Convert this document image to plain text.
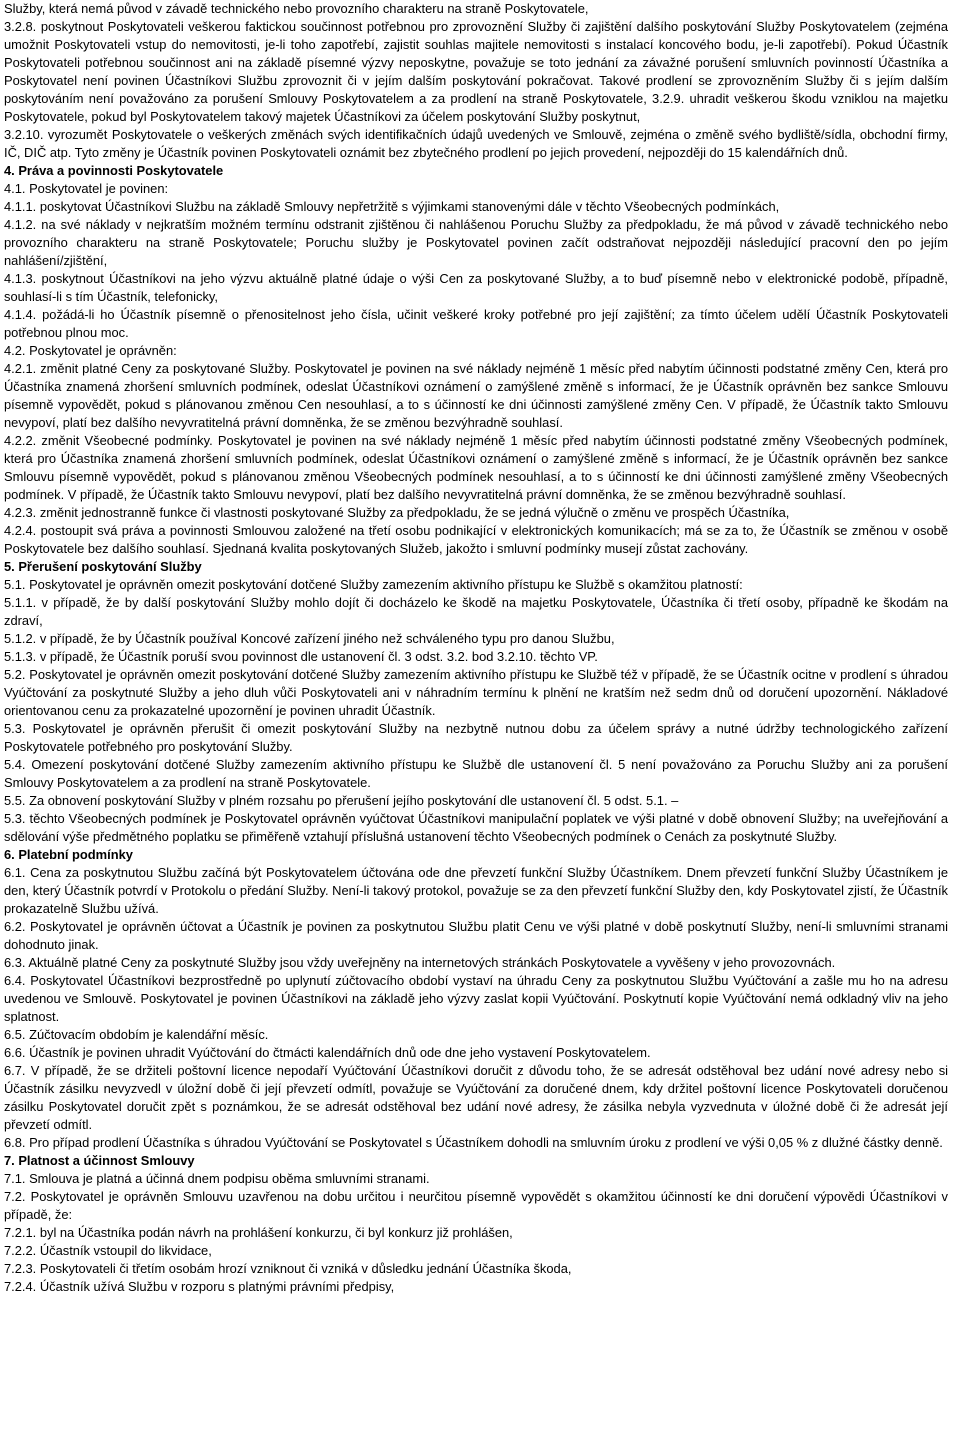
Služby, která nemá původ v závadě technického nebo provozního charakteru na straně Poskytovatele,

3.2.8. poskytnout Poskytovateli veškerou faktickou součinnost potřebnou pro zprovoznění Služby či zajištění dalšího poskytování Služby Poskytovatelem (zejména umožnit Poskytovateli vstup do nemovitosti, je-li toho zapotřebí, zajistit souhlas majitele nemovitosti s instalací koncového bodu, je-li zapotřebí). Pokud Účastník Poskytovateli potřebnou součinnost ani na základě písemné výzvy neposkytne, považuje se toto jednání za závažné porušení smluvních povinností Účastníka a Poskytovatel není povinen Účastníkovi Službu zprovoznit či v jejím dalším poskytování pokračovat. Takové prodlení se zprovozněním Služby či s jejím dalším poskytováním není považováno za porušení Smlouvy Poskytovatelem a za prodlení na straně Poskytovatele, 3.2.9. uhradit veškerou škodu vzniklou na majetku Poskytovatele, pokud byl Poskytovatelem takový majetek Účastníkovi za účelem poskytování Služby poskytnut,

3.2.10. vyrozumět Poskytovatele o veškerých změnách svých identifikačních údajů uvedených ve Smlouvě, zejména o změně svého bydliště/sídla, obchodní firmy, IČ, DIČ atp. Tyto změny je Účastník povinen Poskytovateli oznámit bez zbytečného prodlení po jejich provedení, nejpozději do 15 kalendářních dnů.

4. Práva a povinnosti Poskytovatele

4.1. Poskytovatel je povinen:

4.1.1. poskytovat Účastníkovi Službu na základě Smlouvy nepřetržitě s výjimkami stanovenými dále v těchto Všeobecných podmínkách,

4.1.2. na své náklady v nejkratším možném termínu odstranit zjištěnou či nahlášenou Poruchu Služby za předpokladu, že má původ v závadě technického nebo provozního charakteru na straně Poskytovatele; Poruchu služby je Poskytovatel povinen začít odstraňovat nejpozději následující pracovní den po jejím nahlášení/zjištění,

4.1.3. poskytnout Účastníkovi na jeho výzvu aktuálně platné údaje o výši Cen za poskytované Služby, a to buď písemně nebo v elektronické podobě, případně, souhlasí-li s tím Účastník, telefonicky,

4.1.4. požádá-li ho Účastník písemně o přenositelnost jeho čísla, učinit veškeré kroky potřebné pro její zajištění; za tímto účelem udělí Účastník Poskytovateli potřebnou plnou moc.

4.2. Poskytovatel je oprávněn:

4.2.1. změnit platné Ceny za poskytované Služby. Poskytovatel je povinen na své náklady nejméně 1 měsíc před nabytím účinnosti podstatné změny Cen, která pro Účastníka znamená zhoršení smluvních podmínek, odeslat Účastníkovi oznámení o zamýšlené změně s informací, že je Účastník oprávněn bez sankce Smlouvu písemně vypovědět, pokud s plánovanou změnou Cen nesouhlasí, a to s účinností ke dni účinnosti zamýšlené změny Cen. V případě, že Účastník takto Smlouvu nevypoví, platí bez dalšího nevyvratitelná právní domněnka, že se změnou bezvýhradně souhlasí.

4.2.2. změnit Všeobecné podmínky. Poskytovatel je povinen na své náklady nejméně 1 měsíc před nabytím účinnosti podstatné změny Všeobecných podmínek, která pro Účastníka znamená zhoršení smluvních podmínek, odeslat Účastníkovi oznámení o zamýšlené změně s informací, že je Účastník oprávněn bez sankce Smlouvu písemně vypovědět, pokud s plánovanou změnou Všeobecných podmínek nesouhlasí, a to s účinností ke dni účinnosti zamýšlené změny Všeobecných podmínek. V případě, že Účastník takto Smlouvu nevypoví, platí bez dalšího nevyvratitelná právní domněnka, že se změnou bezvýhradně souhlasí.

4.2.3. změnit jednostranně funkce či vlastnosti poskytované Služby za předpokladu, že se jedná výlučně o změnu ve prospěch Účastníka,

4.2.4. postoupit svá práva a povinnosti Smlouvou založené na třetí osobu podnikající v elektronických komunikacích; má se za to, že Účastník se změnou v osobě Poskytovatele bez dalšího souhlasí. Sjednaná kvalita poskytovaných Služeb, jakožto i smluvní podmínky musejí zůstat zachovány.

5. Přerušení poskytování Služby

5.1. Poskytovatel je oprávněn omezit poskytování dotčené Služby zamezením aktivního přístupu ke Službě s okamžitou platností:

5.1.1. v případě, že by další poskytování Služby mohlo dojít či docházelo ke škodě na majetku Poskytovatele, Účastníka či třetí osoby, případně ke škodám na zdraví,

5.1.2. v případě, že by Účastník používal Koncové zařízení jiného než schváleného typu pro danou Službu,

5.1.3. v případě, že Účastník poruší svou povinnost dle ustanovení čl. 3 odst. 3.2. bod 3.2.10. těchto VP.

5.2. Poskytovatel je oprávněn omezit poskytování dotčené Služby zamezením aktivního přístupu ke Službě též v případě, že se Účastník ocitne v prodlení s úhradou Vyúčtování za poskytnuté Služby a jeho dluh vůči Poskytovateli ani v náhradním termínu k plnění ne kratším než sedm dnů od doručení upozornění. Nákladové orientovanou cenu za prokazatelné upozornění je povinen uhradit Účastník.

5.3. Poskytovatel je oprávněn přerušit či omezit poskytování Služby na nezbytně nutnou dobu za účelem správy a nutné údržby technologického zařízení Poskytovatele potřebného pro poskytování Služby.

5.4. Omezení poskytování dotčené Služby zamezením aktivního přístupu ke Službě dle ustanovení čl. 5 není považováno za Poruchu Služby ani za porušení Smlouvy Poskytovatelem a za prodlení na straně Poskytovatele.

5.5. Za obnovení poskytování Služby v plném rozsahu po přerušení jejího poskytování dle ustanovení čl. 5 odst. 5.1. –

5.3. těchto Všeobecných podmínek je Poskytovatel oprávněn vyúčtovat Účastníkovi manipulační poplatek ve výši platné v době obnovení Služby; na uveřejňování a sdělování výše předmětného poplatku se přiměřeně vztahují příslušná ustanovení těchto Všeobecných podmínek o Cenách za poskytnuté Služby.

6. Platební podmínky

6.1. Cena za poskytnutou Službu začíná být Poskytovatelem účtována ode dne převzetí funkční Služby Účastníkem. Dnem převzetí funkční Služby Účastníkem je den, který Účastník potvrdí v Protokolu o předání Služby. Není-li takový protokol, považuje se za den převzetí funkční Služby den, kdy Poskytovatel zjistí, že Účastník prokazatelně Službu užívá.

6.2. Poskytovatel je oprávněn účtovat a Účastník je povinen za poskytnutou Službu platit Cenu ve výši platné v době poskytnutí Služby, není-li smluvními stranami dohodnuto jinak.

6.3. Aktuálně platné Ceny za poskytnuté Služby jsou vždy uveřejněny na internetových stránkách Poskytovatele a vyvěšeny v jeho provozovnách.

6.4. Poskytovatel Účastníkovi bezprostředně po uplynutí zúčtovacího období vystaví na úhradu Ceny za poskytnutou Službu Vyúčtování a zašle mu ho na adresu uvedenou ve Smlouvě. Poskytovatel je povinen Účastníkovi na základě jeho výzvy zaslat kopii Vyúčtování. Poskytnutí kopie Vyúčtování nemá odkladný vliv na jeho splatnost.

6.5. Zúčtovacím obdobím je kalendářní měsíc.

6.6. Účastník je povinen uhradit Vyúčtování do čtmácti kalendářních dnů ode dne jeho vystavení Poskytovatelem.

6.7. V případě, že se držiteli poštovní licence nepodaří Vyúčtování Účastníkovi doručit z důvodu toho, že se adresát odstěhoval bez udání nové adresy nebo si Účastník zásilku nevyzvedl v úložní době či její převzetí odmítl, považuje se Vyúčtování za doručené dnem, kdy držitel poštovní licence Poskytovateli doručenou zásilku Poskytovatel doručit zpět s poznámkou, že se adresát odstěhoval bez udání nové adresy, že zásilka nebyla vyzvednuta v úložné době či že adresát její převzetí odmítl.

6.8. Pro případ prodlení Účastníka s úhradou Vyúčtování se Poskytovatel s Účastníkem dohodli na smluvním úroku z prodlení ve výši 0,05 % z dlužné částky denně.

7. Platnost a účinnost Smlouvy

7.1. Smlouva je platná a účinná dnem podpisu oběma smluvními stranami.

7.2. Poskytovatel je oprávněn Smlouvu uzavřenou na dobu určitou i neurčitou písemně vypovědět s okamžitou účinností ke dni doručení výpovědi Účastníkovi v případě, že:

7.2.1. byl na Účastníka podán návrh na prohlášení konkurzu, či byl konkurz již prohlášen,

7.2.2. Účastník vstoupil do likvidace,

7.2.3. Poskytovateli či třetím osobám hrozí vzniknout či vzniká v důsledku jednání Účastníka škoda,

7.2.4. Účastník užívá Službu v rozporu s platnými právními předpisy,
